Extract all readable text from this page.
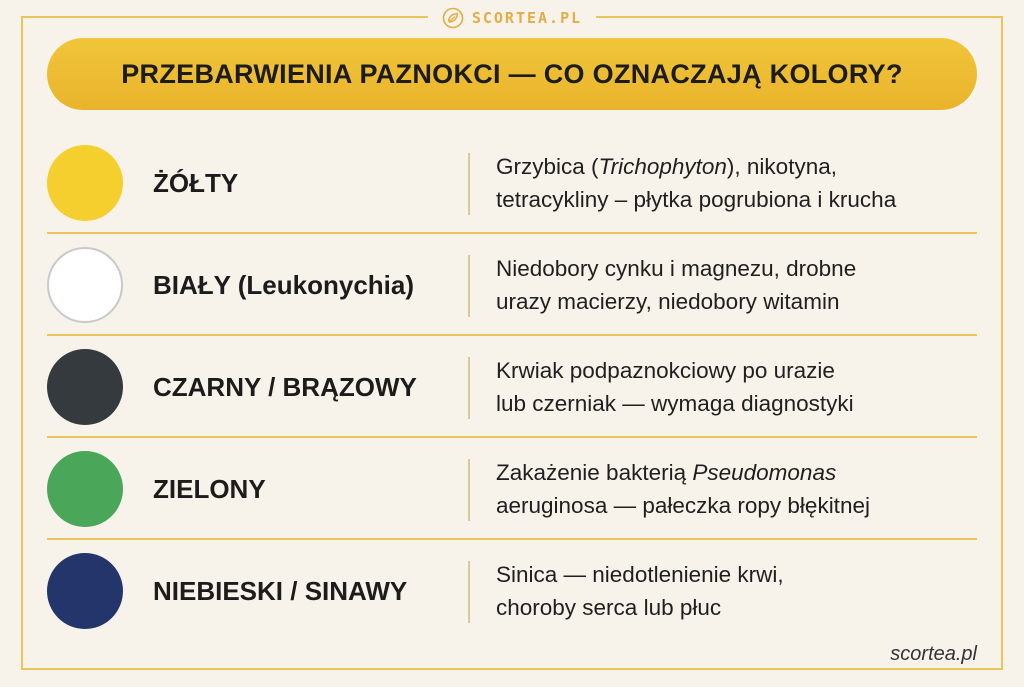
SCORTEA.PL
PRZEBARWIENIA PAZNOKCI — CO OZNACZAJĄ KOLORY?
ŻÓŁTY
Grzybica (Trichophyton), nikotyna,
tetracykliny – płytka pogrubiona i krucha
BIAŁY (Leukonychia)
Niedobory cynku i magnezu, drobne
urazy macierzy, niedobory witamin
CZARNY / BRĄZOWY
Krwiak podpaznokciowy po urazie
lub czerniak — wymaga diagnostyki
ZIELONY
Zakażenie bakterią Pseudomonas
aeruginosa — pałeczka ropy błękitnej
NIEBIESKI / SINAWY
Sinica — niedotlenienie krwi,
choroby serca lub płuc
scortea.pl
